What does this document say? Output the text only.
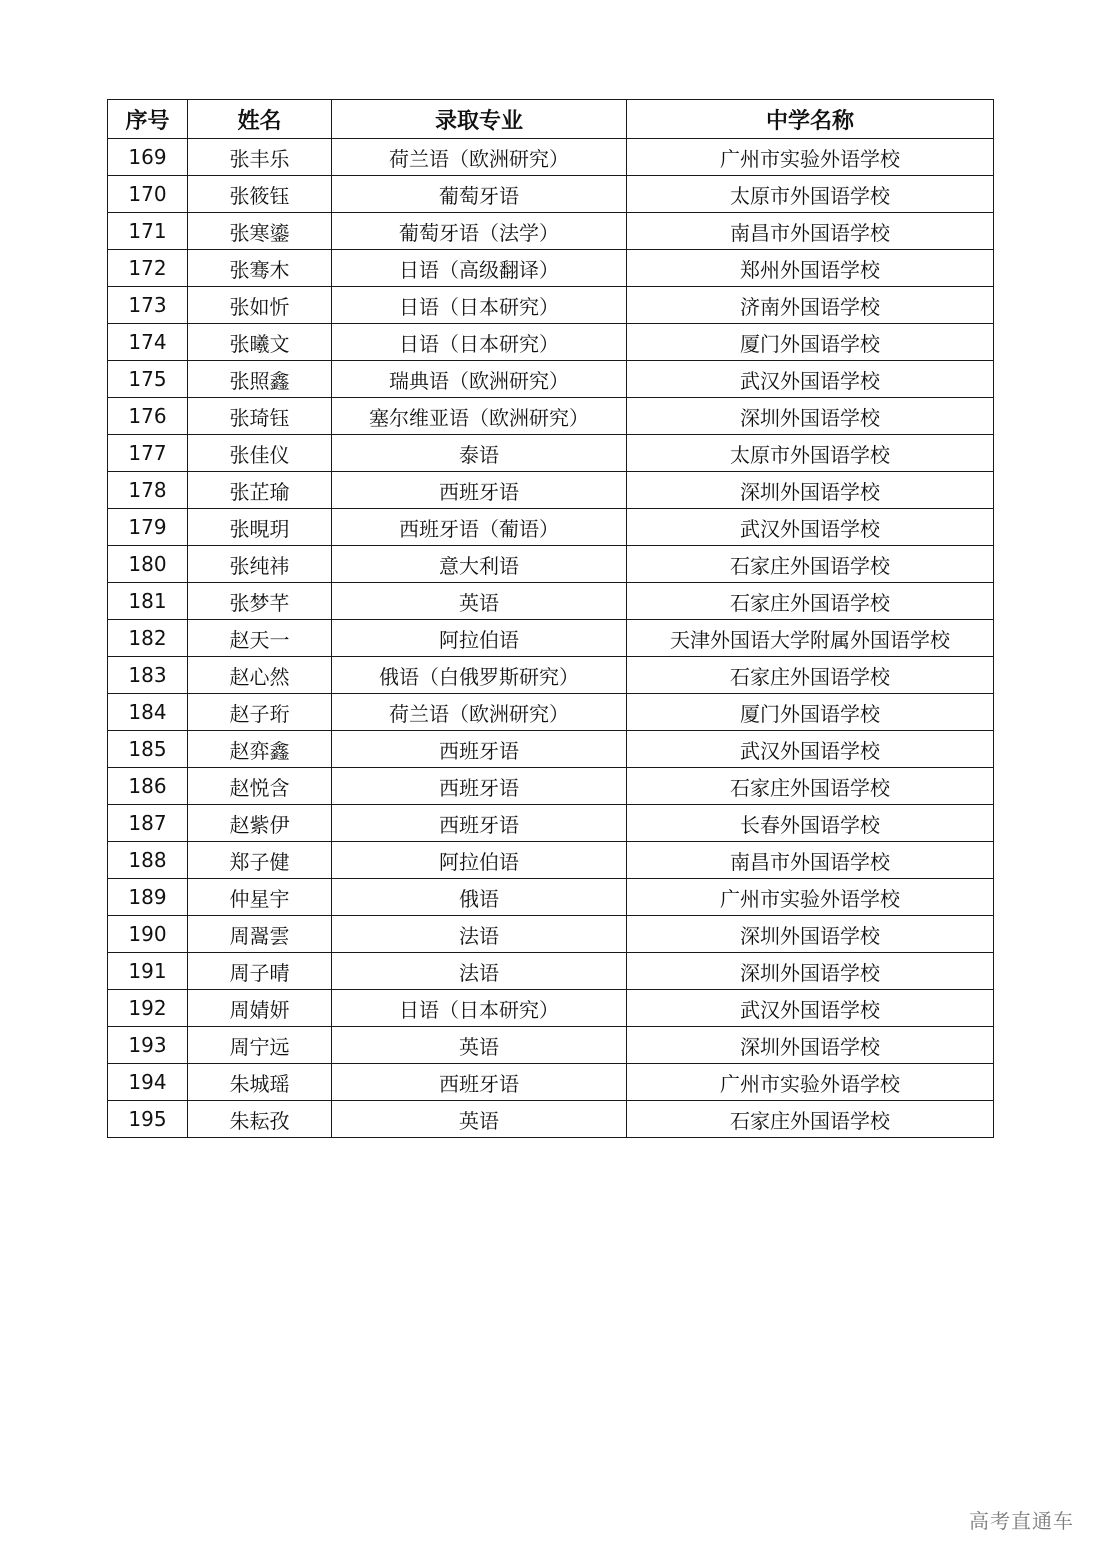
序号	姓名	录取专业	中学名称
169	张丰乐	荷兰语（欧洲研究）	广州市实验外语学校
170	张筱钰	葡萄牙语	太原市外国语学校
171	张寒鎏	葡萄牙语（法学）	南昌市外国语学校
172	张骞木	日语（高级翻译）	郑州外国语学校
173	张如忻	日语（日本研究）	济南外国语学校
174	张曦文	日语（日本研究）	厦门外国语学校
175	张照鑫	瑞典语（欧洲研究）	武汉外国语学校
176	张琦钰	塞尔维亚语（欧洲研究）	深圳外国语学校
177	张佳仪	泰语	太原市外国语学校
178	张芷瑜	西班牙语	深圳外国语学校
179	张晛玥	西班牙语（葡语）	武汉外国语学校
180	张纯祎	意大利语	石家庄外国语学校
181	张梦芊	英语	石家庄外国语学校
182	赵天一	阿拉伯语	天津外国语大学附属外国语学校
183	赵心然	俄语（白俄罗斯研究）	石家庄外国语学校
184	赵子珩	荷兰语（欧洲研究）	厦门外国语学校
185	赵弈鑫	西班牙语	武汉外国语学校
186	赵悦含	西班牙语	石家庄外国语学校
187	赵紫伊	西班牙语	长春外国语学校
188	郑子健	阿拉伯语	南昌市外国语学校
189	仲星宇	俄语	广州市实验外语学校
190	周翯雲	法语	深圳外国语学校
191	周子晴	法语	深圳外国语学校
192	周婧妍	日语（日本研究）	武汉外国语学校
193	周宁远	英语	深圳外国语学校
194	朱城瑶	西班牙语	广州市实验外语学校
195	朱耘孜	英语	石家庄外国语学校
高考直通车
